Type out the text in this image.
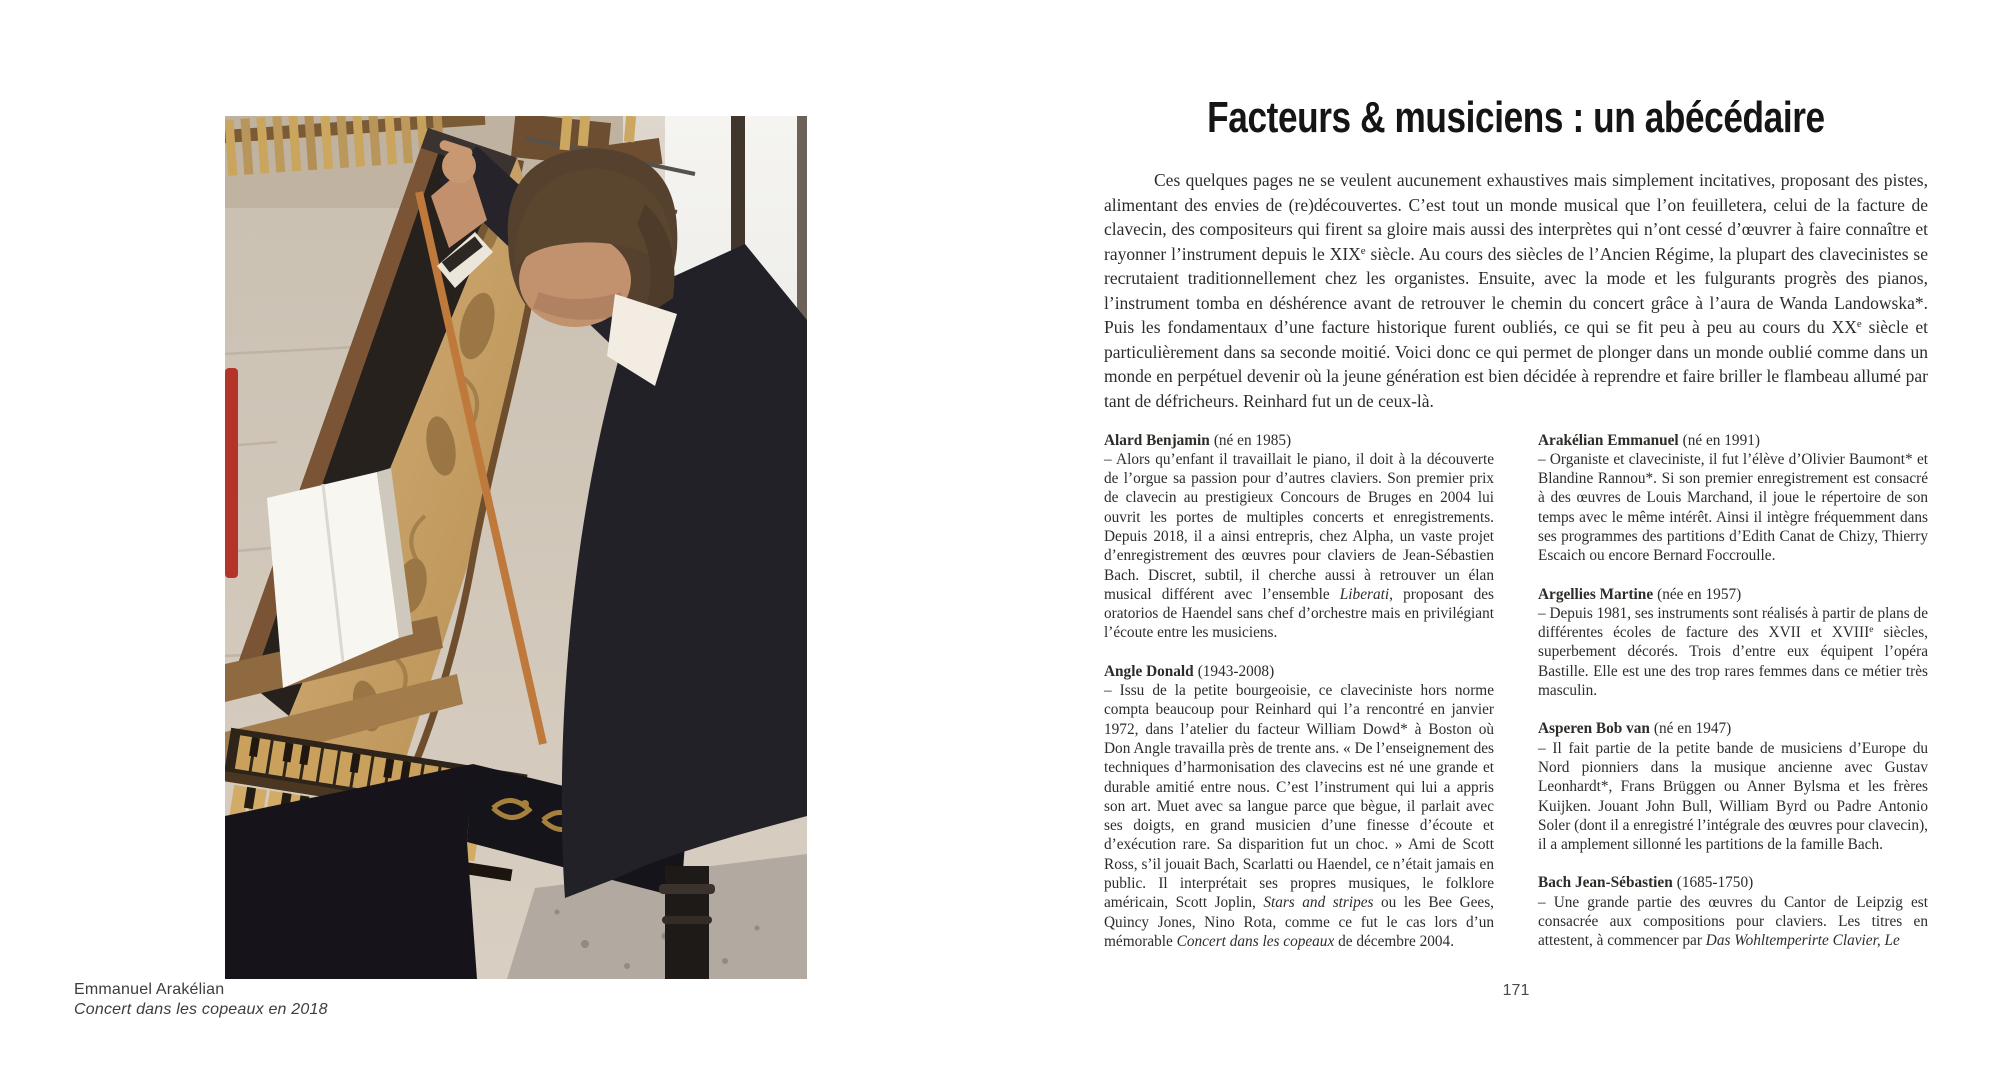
Emmanuel Arakélian
Concert dans les copeaux en 2018
Facteurs & musiciens : un abécédaire

Ces quelques pages ne se veulent aucunement exhaustives mais simplement incitatives, proposant des pistes, alimentant des envies de (re)découvertes. C’est tout un monde musical que l’on feuilletera, celui de la facture de clavecin, des compositeurs qui firent sa gloire mais aussi des interprètes qui n’ont cessé d’œuvrer à faire connaître et rayonner l’instrument depuis le XIXe siècle. Au cours des siècles de l’Ancien Régime, la plupart des clavecinistes se recrutaient traditionnellement chez les organistes. Ensuite, avec la mode et les fulgurants progrès des pianos, l’instrument tomba en déshérence avant de retrouver le chemin du concert grâce à l’aura de Wanda Landowska*. Puis les fondamentaux d’une facture historique furent oubliés, ce qui se fit peu à peu au cours du XXe siècle et particulièrement dans sa seconde moitié. Voici donc ce qui permet de plonger dans un monde oublié comme dans un monde en perpétuel devenir où la jeune génération est bien décidée à reprendre et faire briller le flambeau allumé par tant de défricheurs. Reinhard fut un de ceux-là.

Alard Benjamin (né en 1985)
– Alors qu’enfant il travaillait le piano, il doit à la découverte de l’orgue sa passion pour d’autres claviers. Son premier prix de clavecin au prestigieux Concours de Bruges en 2004 lui ouvrit les portes de multiples concerts et enregistrements. Depuis 2018, il a ainsi entrepris, chez Alpha, un vaste projet d’enregistrement des œuvres pour claviers de Jean-Sébastien Bach. Discret, subtil, il cherche aussi à retrouver un élan musical différent avec l’ensemble Liberati, proposant des oratorios de Haendel sans chef d’orchestre mais en privilégiant l’écoute entre les musiciens.
Angle Donald (1943-2008)
– Issu de la petite bourgeoisie, ce claveciniste hors norme compta beaucoup pour Reinhard qui l’a rencontré en janvier 1972, dans l’atelier du facteur William Dowd* à Boston où Don Angle travailla près de trente ans. « De l’enseignement des techniques d’harmonisation des clavecins est né une grande et durable amitié entre nous. C’est l’instrument qui lui a appris son art. Muet avec sa langue parce que bègue, il parlait avec ses doigts, en grand musicien d’une finesse d’écoute et d’exécution rare. Sa disparition fut un choc. » Ami de Scott Ross, s’il jouait Bach, Scarlatti ou Haendel, ce n’était jamais en public. Il interprétait ses propres musiques, le folklore américain, Scott Joplin, Stars and stripes ou les Bee Gees, Quincy Jones, Nino Rota, comme ce fut le cas lors d’un mémorable Concert dans les copeaux de décembre 2004.
Arakélian Emmanuel (né en 1991)
– Organiste et claveciniste, il fut l’élève d’Olivier Baumont* et Blandine Rannou*. Si son premier enregistrement est consacré à des œuvres de Louis Marchand, il joue le répertoire de son temps avec le même intérêt. Ainsi il intègre fréquemment dans ses programmes des partitions d’Edith Canat de Chizy, Thierry Escaich ou encore Bernard Foccroulle.
Argellies Martine (née en 1957)
– Depuis 1981, ses instruments sont réalisés à partir de plans de différentes écoles de facture des XVII et XVIIIe siècles, superbement décorés. Trois d’entre eux équipent l’opéra Bastille. Elle est une des trop rares femmes dans ce métier très masculin.
Asperen Bob van (né en 1947)
– Il fait partie de la petite bande de musiciens d’Europe du Nord pionniers dans la musique ancienne avec Gustav Leonhardt*, Frans Brüggen ou Anner Bylsma et les frères Kuijken. Jouant John Bull, William Byrd ou Padre Antonio Soler (dont il a enregistré l’intégrale des œuvres pour clavecin), il a amplement sillonné les partitions de la famille Bach.
Bach Jean-Sébastien (1685-1750)
– Une grande partie des œuvres du Cantor de Leipzig est consacrée aux compositions pour claviers. Les titres en attestent, à commencer par Das Wohltemperirte Clavier, Le
171
